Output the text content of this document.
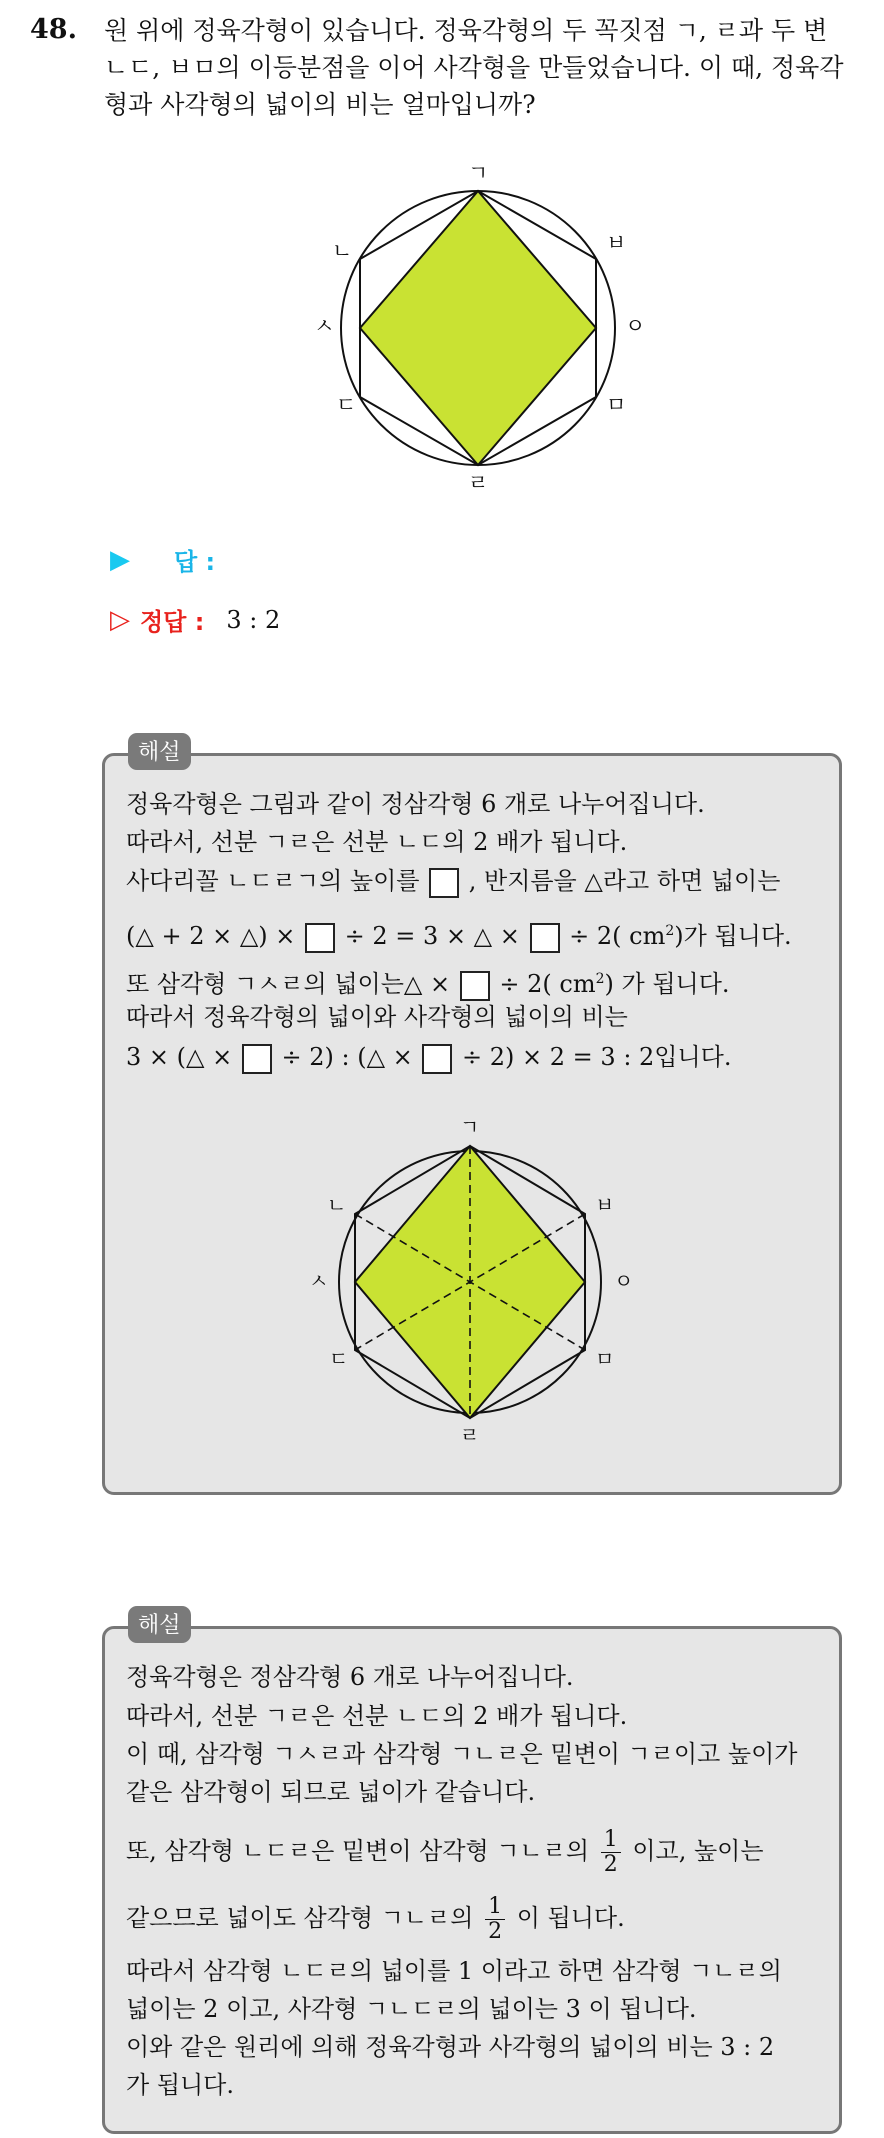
48. 원 위에 정육각형이 있습니다. 정육각형의 두 꼭짓점 ㄱ, ㄹ과 두 변
ㄴㄷ, ㅂㅁ의 이등분점을 이어 사각형을 만들었습니다. 이 때, 정육각
형과 사각형의 넓이의 비는 얼마입니까?
ㄱ
ㄴ
ㄷ
ㄹ
ㅁ
ㅂ
ㅅ	ㅇ
▶ 답 :
▷ 정답 : 3 : 2
해설
정육각형은 그림과 같이 정삼각형 6 개로 나누어집니다.
따라서, 선분 ㄱㄹ은 선분 ㄴㄷ의 2 배가 됩니다.
사다리꼴 ㄴㄷㄹㄱ의 높이를 , 반지름을 △라고 하면 넓이는
(△ + 2 × △) × ÷ 2 = 3 × △ × ÷ 2( $cm^2$)가 됩니다.
또 삼각형 ㄱㅅㄹ의 넓이는△ × ÷ 2( $cm^2$) 가 됩니다.
따라서 정육각형의 넓이와 사각형의 넓이의 비는
3 × (△ × ÷ 2) : (△ × ÷ 2) × 2 = 3 : 2입니다.
ㄱ
ㄴ
ㄷ
ㄹ
ㅁ
ㅂ
ㅅ	ㅇ
해설
정육각형은 정삼각형 6 개로 나누어집니다.
따라서, 선분 ㄱㄹ은 선분 ㄴㄷ의 2 배가 됩니다.
이 때, 삼각형 ㄱㅅㄹ과 삼각형 ㄱㄴㄹ은 밑변이 ㄱㄹ이고 높이가
같은 삼각형이 되므로 넓이가 같습니다.
또, 삼각형 ㄴㄷㄹ은 밑변이 삼각형 ㄱㄴㄹ의 $\frac{1}{2}$ 이고, 높이는
같으므로 넓이도 삼각형 ㄱㄴㄹ의 $\frac{1}{2}$ 이 됩니다.
따라서 삼각형 ㄴㄷㄹ의 넓이를 1 이라고 하면 삼각형 ㄱㄴㄹ의
넓이는 2 이고, 사각형 ㄱㄴㄷㄹ의 넓이는 3 이 됩니다.
이와 같은 원리에 의해 정육각형과 사각형의 넓이의 비는 3 : 2
가 됩니다.
